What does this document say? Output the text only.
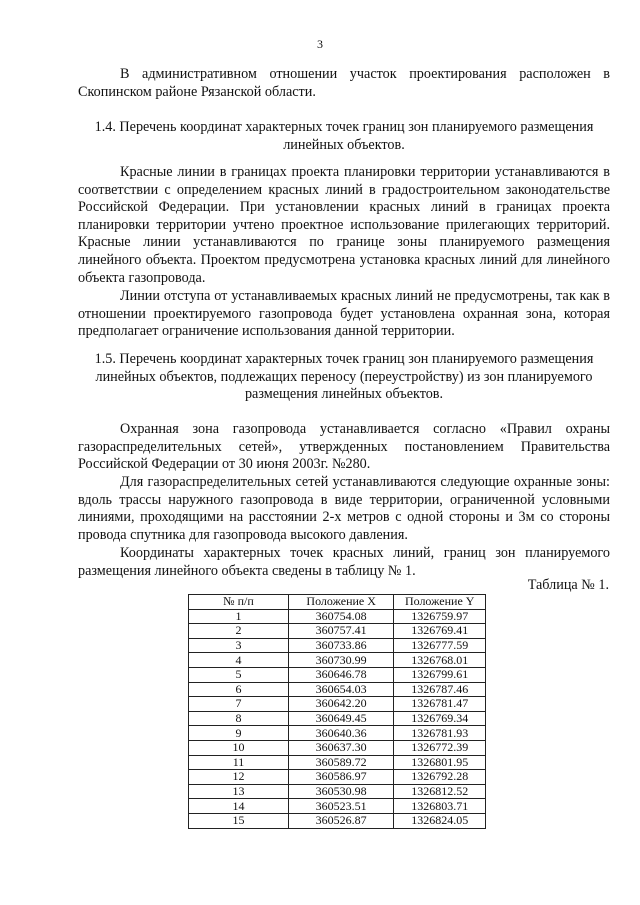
3

В административном отношении участок проектирования расположен в Скопинском районе Рязанской области.

1.4. Перечень координат характерных точек границ зон планируемого размещения линейных объектов.

Красные линии в границах проекта планировки территории устанавливаются в соответствии с определением красных линий в градостроительном законодательстве Российской Федерации. При установлении красных линий в границах проекта планировки территории учтено проектное использование прилегающих территорий. Красные линии устанавливаются по границе зоны планируемого размещения линейного объекта. Проектом предусмотрена установка красных линий для линейного объекта газопровода.

Линии отступа от устанавливаемых красных линий не предусмотрены, так как в отношении проектируемого газопровода будет установлена охранная зона, которая предполагает ограничение использования данной территории.

1.5. Перечень координат характерных точек границ зон планируемого размещения линейных объектов, подлежащих переносу (переустройству) из зон планируемого размещения линейных объектов.

Охранная зона газопровода устанавливается согласно «Правил охраны газораспределительных сетей», утвержденных постановлением Правительства Российской Федерации от 30 июня 2003г. №280.

Для газораспределительных сетей устанавливаются следующие охранные зоны: вдоль трассы наружного газопровода в виде территории, ограниченной условными линиями, проходящими на расстоянии 2-х метров с одной стороны и 3м со стороны провода спутника для газопровода высокого давления.

Координаты характерных точек красных линий, границ зон планируемого размещения линейного объекта сведены в таблицу № 1.

Таблица № 1.
№ п/п	Положение X	Положение Y
1	360754.08	1326759.97
2	360757.41	1326769.41
3	360733.86	1326777.59
4	360730.99	1326768.01
5	360646.78	1326799.61
6	360654.03	1326787.46
7	360642.20	1326781.47
8	360649.45	1326769.34
9	360640.36	1326781.93
10	360637.30	1326772.39
11	360589.72	1326801.95
12	360586.97	1326792.28
13	360530.98	1326812.52
14	360523.51	1326803.71
15	360526.87	1326824.05
